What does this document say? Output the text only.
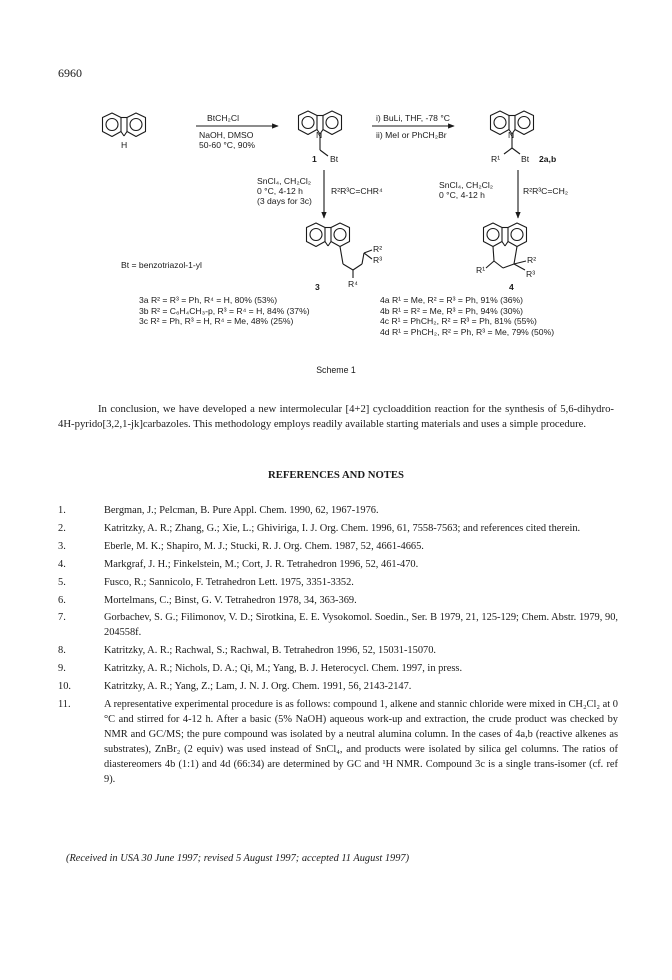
6960
H
N
Bt
1
N
R¹ Bt 2a,b
BtCH₂Cl
NaOH, DMSO
50-60 °C, 90%
i) BuLi, THF, -78 °C
ii) MeI or PhCH₂Br
SnCl₄, CH₂Cl₂
0 °C, 4-12 h
(3 days for 3c)
R²R³C=CHR⁴
SnCl₄, CH₂Cl₂
0 °C, 4-12 h	R²R³C=CH₂
Bt = benzotriazol-1-yl
R²
R³
R⁴
3
R¹
R²
R³
4
3a R² = R³ = Ph, R⁴ = H, 80% (53%)
3b R² = C₆H₄CH₃-p, R³ = R⁴ = H, 84% (37%)
3c R² = Ph, R³ = H, R⁴ = Me, 48% (25%)
4a R¹ = Me, R² = R³ = Ph, 91% (36%)
4b R¹ = R² = Me, R³ = Ph, 94% (30%)
4c R¹ = PhCH₂, R² = R³ = Ph, 81% (55%)
4d R¹ = PhCH₂, R² = Ph, R³ = Me, 79% (50%)
Scheme 1

In conclusion, we have developed a new intermolecular [4+2] cycloaddition reaction for the synthesis of 5,6-dihydro-4H-pyrido[3,2,1-jk]carbazoles. This methodology employs readily available starting materials and uses a simple procedure.

REFERENCES AND NOTES
1.	Bergman, J.; Pelcman, B. Pure Appl. Chem. 1990, 62, 1967-1976.
2.	Katritzky, A. R.; Zhang, G.; Xie, L.; Ghiviriga, I. J. Org. Chem. 1996, 61, 7558-7563; and references cited therein.
3.	Eberle, M. K.; Shapiro, M. J.; Stucki, R. J. Org. Chem. 1987, 52, 4661-4665.
4.	Markgraf, J. H.; Finkelstein, M.; Cort, J. R. Tetrahedron 1996, 52, 461-470.
5.	Fusco, R.; Sannicolo, F. Tetrahedron Lett. 1975, 3351-3352.
6.	Mortelmans, C.; Binst, G. V. Tetrahedron 1978, 34, 363-369.
7.	Gorbachev, S. G.; Filimonov, V. D.; Sirotkina, E. E. Vysokomol. Soedin., Ser. B 1979, 21, 125-129; Chem. Abstr. 1979, 90, 204558f.
8.	Katritzky, A. R.; Rachwal, S.; Rachwal, B. Tetrahedron 1996, 52, 15031-15070.
9.	Katritzky, A. R.; Nichols, D. A.; Qi, M.; Yang, B. J. Heterocycl. Chem. 1997, in press.
10.	Katritzky, A. R.; Yang, Z.; Lam, J. N. J. Org. Chem. 1991, 56, 2143-2147.
11.	A representative experimental procedure is as follows: compound 1, alkene and stannic chloride were mixed in CH₂Cl₂ at 0 °C and stirred for 4-12 h. After a basic (5% NaOH) aqueous work-up and extraction, the crude product was checked by NMR and GC/MS; the pure compound was isolated by a neutral alumina column. In the cases of 4a,b (reactive alkenes as substrates), ZnBr₂ (2 equiv) was used instead of SnCl₄, and products were isolated by silica gel columns. The ratios of diastereomers 4b (1:1) and 4d (66:34) are determined by GC and ¹H NMR. Compound 3c is a single trans-isomer (cf. ref 9).
(Received in USA 30 June 1997; revised 5 August 1997; accepted 11 August 1997)
